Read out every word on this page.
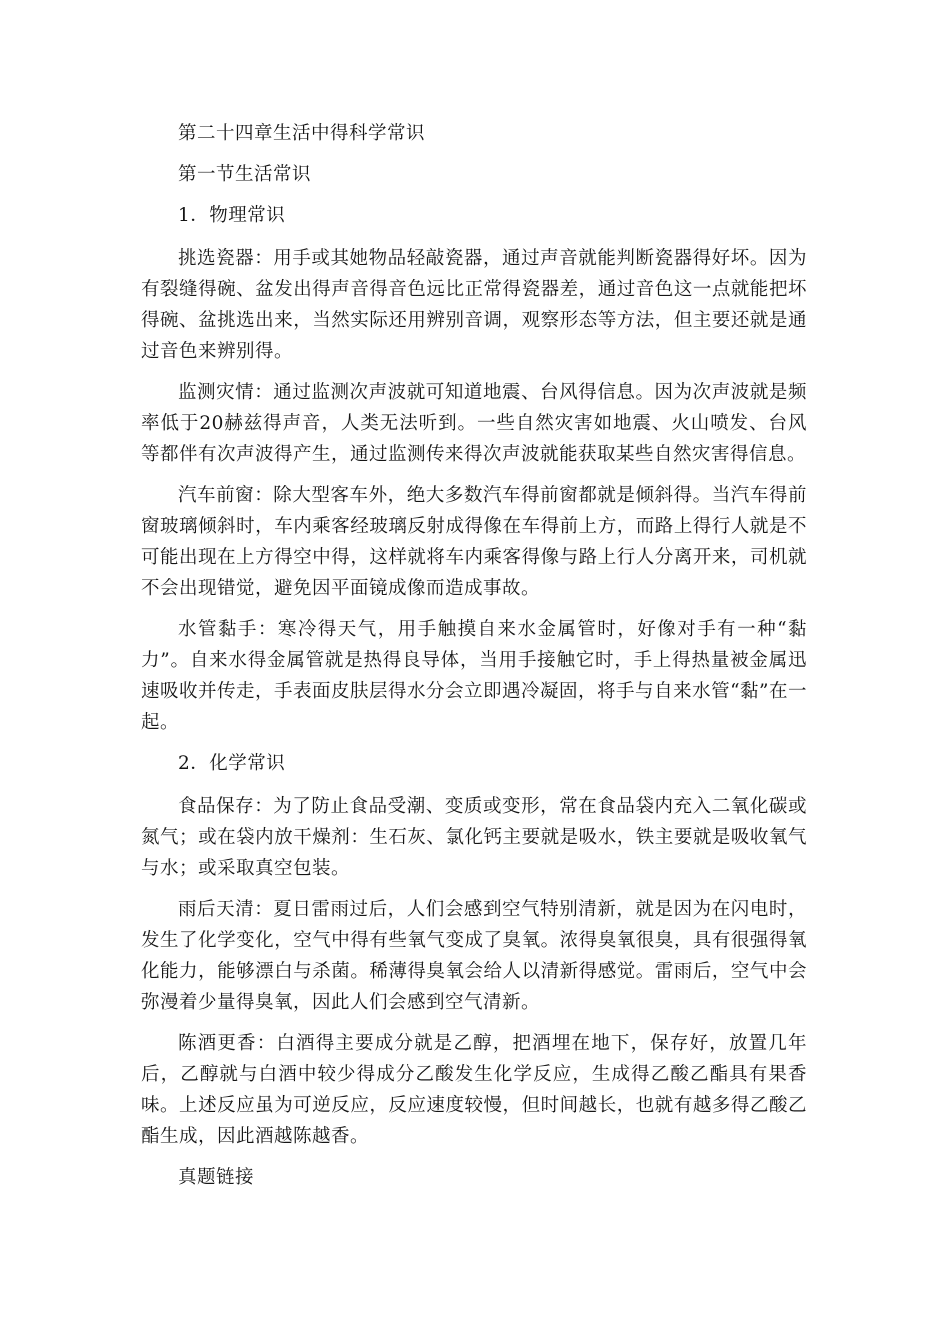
第二十四章生活中得科学常识

第一节生活常识

1．物理常识

挑选瓷器：用手或其她物品轻敲瓷器，通过声音就能判断瓷器得好坏。因为有裂缝得碗、盆发出得声音得音色远比正常得瓷器差，通过音色这一点就能把坏得碗、盆挑选出来，当然实际还用辨别音调，观察形态等方法，但主要还就是通过音色来辨别得。

监测灾情：通过监测次声波就可知道地震、台风得信息。因为次声波就是频率低于20赫兹得声音，人类无法听到。一些自然灾害如地震、火山喷发、台风等都伴有次声波得产生，通过监测传来得次声波就能获取某些自然灾害得信息。

汽车前窗：除大型客车外，绝大多数汽车得前窗都就是倾斜得。当汽车得前窗玻璃倾斜时，车内乘客经玻璃反射成得像在车得前上方，而路上得行人就是不可能出现在上方得空中得，这样就将车内乘客得像与路上行人分离开来，司机就不会出现错觉，避免因平面镜成像而造成事故。

水管黏手：寒冷得天气，用手触摸自来水金属管时，好像对手有一种“黏力”。自来水得金属管就是热得良导体，当用手接触它时，手上得热量被金属迅速吸收并传走，手表面皮肤层得水分会立即遇冷凝固，将手与自来水管“黏”在一起。

2．化学常识

食品保存：为了防止食品受潮、变质或变形，常在食品袋内充入二氧化碳或氮气；或在袋内放干燥剂：生石灰、氯化钙主要就是吸水，铁主要就是吸收氧气与水；或采取真空包装。

雨后天清：夏日雷雨过后，人们会感到空气特别清新，就是因为在闪电时，发生了化学变化，空气中得有些氧气变成了臭氧。浓得臭氧很臭，具有很强得氧化能力，能够漂白与杀菌。稀薄得臭氧会给人以清新得感觉。雷雨后，空气中会弥漫着少量得臭氧，因此人们会感到空气清新。

陈酒更香：白酒得主要成分就是乙醇，把酒埋在地下，保存好，放置几年后，乙醇就与白酒中较少得成分乙酸发生化学反应，生成得乙酸乙酯具有果香味。上述反应虽为可逆反应，反应速度较慢，但时间越长，也就有越多得乙酸乙酯生成，因此酒越陈越香。

真题链接
